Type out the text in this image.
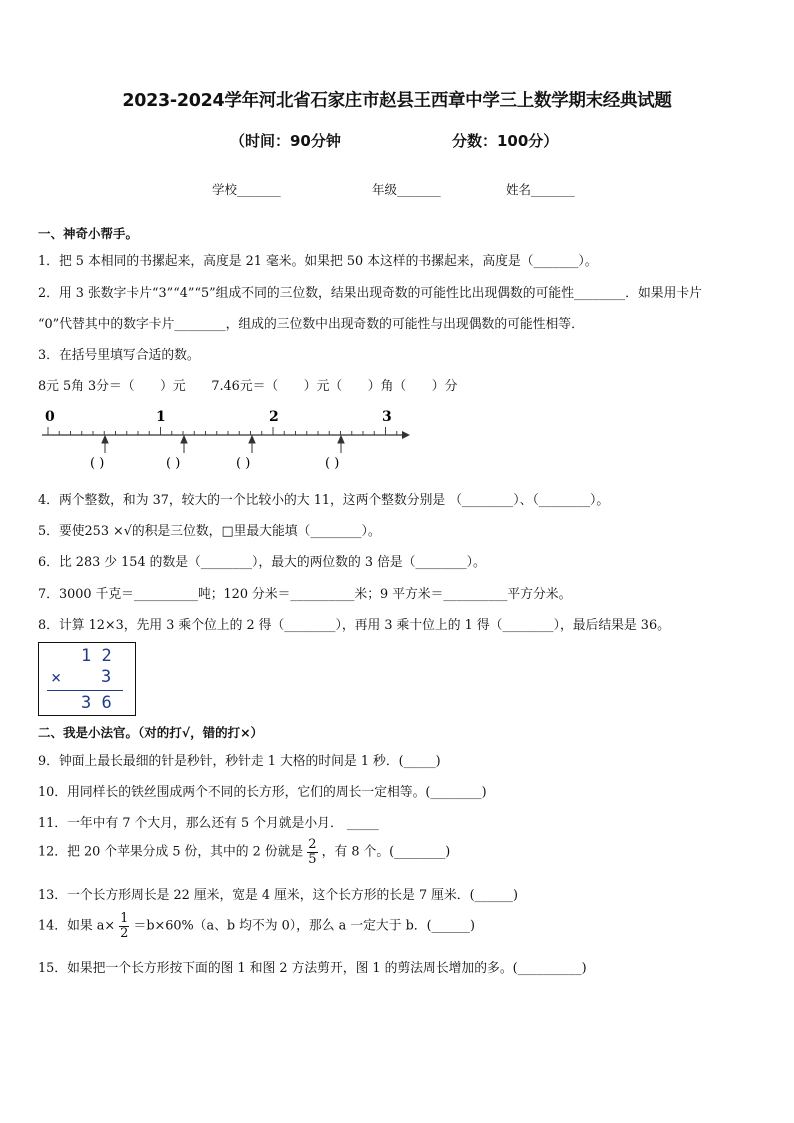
2023-2024学年河北省石家庄市赵县王西章中学三上数学期末经典试题
（时间：90分钟	分数：100分）
学校_______	年级_______	姓名_______
一、神奇小帮手。
1．把 5 本相同的书摞起来，高度是 21 毫米。如果把 50 本这样的书摞起来，高度是（_______）。
2．用 3 张数字卡片“3”“4”“5”组成不同的三位数，结果出现奇数的可能性比出现偶数的可能性________．如果用卡片
“0”代替其中的数字卡片________，组成的三位数中出现奇数的可能性与出现偶数的可能性相等．
3．在括号里填写合适的数。
8元 5角 3分＝（　　）元　　7.46元＝（　　）元（　　）角（　　）分
0	1	2	3
( )	( )	( )	( )
4．两个整数，和为 37，较大的一个比较小的大 11，这两个整数分别是 （________）、（________）。
5．要使253 ×√的积是三位数，□里最大能填（________）。
6．比 283 少 154 的数是（________），最大的两位数的 3 倍是（________）。
7．3000 千克＝__________吨；120 分米＝__________米；9 平方米＝__________平方分米。
8．计算 12×3，先用 3 乘个位上的 2 得（________），再用 3 乘十位上的 1 得（________），最后结果是 36。
1 2
× 3
3 6
二、我是小法官。（对的打√，错的打×）
9．钟面上最长最细的针是秒针，秒针走 1 大格的时间是 1 秒．(_____)
10．用同样长的铁丝围成两个不同的长方形，它们的周长一定相等。(________)
11．一年中有 7 个大月，那么还有 5 个月就是小月． _____
12．把 20 个苹果分成 5 份，其中的 2 份就是 $\frac{2}{5}$ ，有 8 个。(________)
13．一个长方形周长是 22 厘米，宽是 4 厘米，这个长方形的长是 7 厘米．(______)
14．如果 $a\times \frac{1}{2} =b\times 60\%(a$、b 均不为 0），那么 a 一定大于 b．(______)
15．如果把一个长方形按下面的图 1 和图 2 方法剪开，图 1 的剪法周长增加的多。(__________)
